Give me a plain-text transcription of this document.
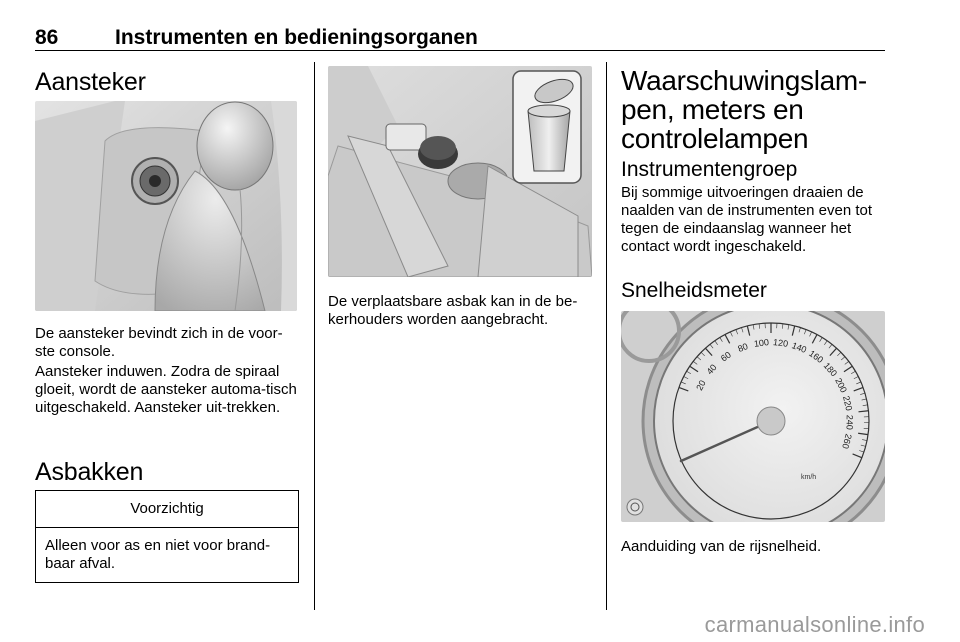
86	Instrumenten en bedieningsorganen
Aansteker

De aansteker bevindt zich in de voor-ste console.

Aansteker induwen. Zodra de spiraal gloeit, wordt de aansteker automa-tisch uitgeschakeld. Aansteker uit-trekken.

Asbakken
Voorzichtig
Alleen voor as en niet voor brand-baar afval.

De verplaatsbare asbak kan in de be-kerhouders worden aangebracht.

Waarschuwingslam-pen, meters en controlelampen
Instrumentengroep

Bij sommige uitvoeringen draaien de naalden van de instrumenten even tot tegen de eindaanslag wanneer het contact wordt ingeschakeld.

Snelheidsmeter
20
40
60
80 100 120 140
160
180
200
220
240
260
km/h

Aanduiding van de rijsnelheid.

carmanualsonline.info
